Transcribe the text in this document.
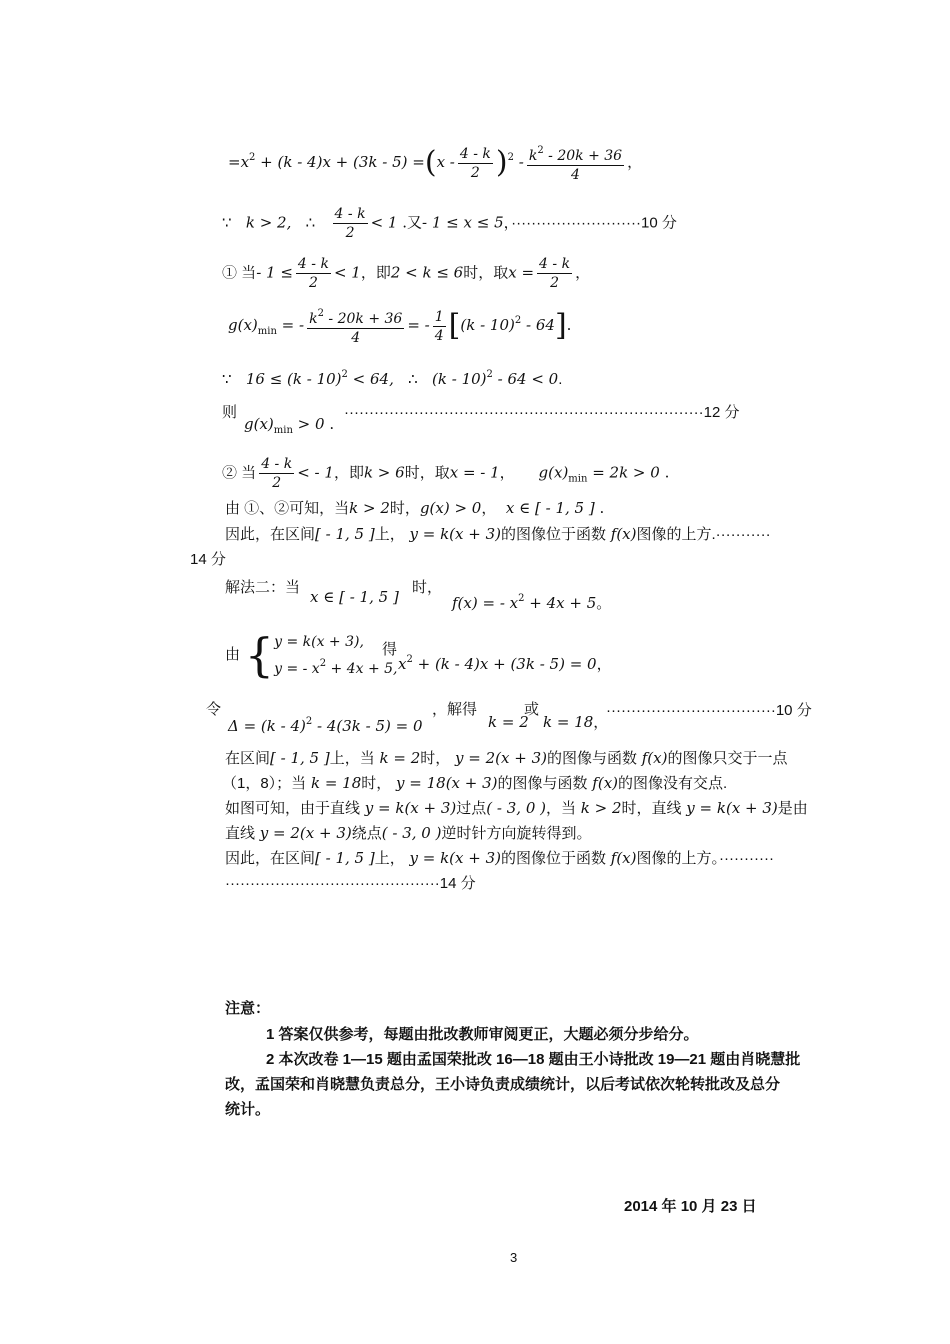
$=x^2 + (k - 4)x + (3k - 5) =(x - \frac{4 - k}{2} )^2 - \frac{k^2 - 20k + 36}{4}$ ，
∵   k > 2,   ∴ $\frac{4 - k}{2} < 1$ .又- 1 ≤ x ≤ 5，··························10 分
① 当- $1 \le \frac{4 - k}{2} < 1$，即2 < k ≤ 6时，取$x = \frac{4 - k}{2}$ ，
$g(x)_{min}$ = - $\frac{k^2 - 20k + 36}{4}$ = - $\frac{1}{4} [(k - 10)^2 - 64]$.
∵   16 ≤ (k - 10)$^2$ < 64,   ∴   (k - 10)$^2$ - 64 < 0.
则
$g(x)_{min} > 0$ .
········································································12 分
② 当 $\frac{4 - k}{2}$ < - 1，即k > 6时，取x = - 1，     $g(x)_{min} = 2k > 0$ .
由 ①、②可知，当k > 2时，g(x) > 0，  x ∈ [ - 1, 5 ] .
因此，在区间[ - 1, 5 ]上， y = k(x + 3)的图像位于函数 f(x)图像的上方.···········
14 分
解法二：当
x ∈ [ - 1, 5 ]
时，
f(x) = - $x^2 + 4x + 5$。
由 { y = k(x + 3),
y = - $x^2 + 4x + 5$,
得
$x^2 + (k - 4)x + (3k - 5) = 0$，
令
Δ = (k - 4)$^2$ - 4(3k - 5) = 0
，解得
k = 2
或
k = 18，
··································10 分
在区间[ - 1, 5 ]上，当 k = 2时， y = 2(x + 3)的图像与函数 f(x)的图像只交于一点
（1，8）；当 k = 18时， y = 18(x + 3)的图像与函数 f(x)的图像没有交点.
如图可知，由于直线 y = k(x + 3)过点( - 3, 0 )，当 k > 2时，直线 y = k(x + 3)是由
直线 y = 2(x + 3)绕点( - 3, 0 )逆时针方向旋转得到。
因此，在区间[ - 1, 5 ]上， y = k(x + 3)的图像位于函数 f(x)图像的上方。···········
···········································14 分
注意：
1 答案仅供参考，每题由批改教师审阅更正，大题必须分步给分。
2 本次改卷 1—15 题由孟国荣批改 16—18 题由王小诗批改 19—21 题由肖晓慧批
改，孟国荣和肖晓慧负责总分，王小诗负责成绩统计，以后考试依次轮转批改及总分
统计。
2014 年 10 月 23 日
3
